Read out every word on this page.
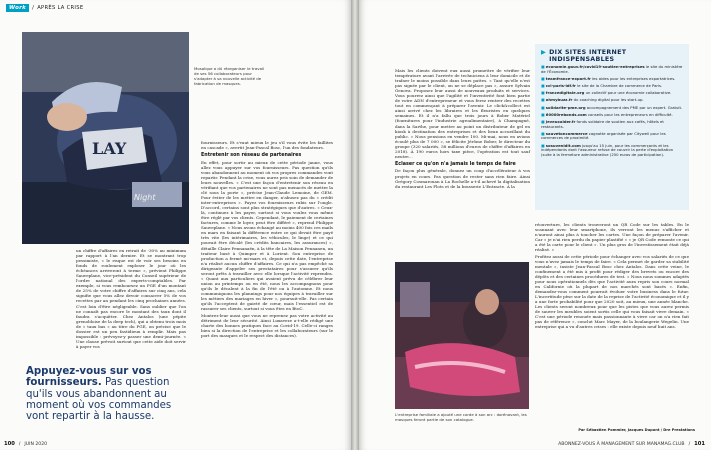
Work	/ APRÈS LA CRISE
LAY
Night
Mosaïque a dû réorganiser le travail de ses 56 collaborateurs pour s'adapter à sa nouvelle activité de fabrication de masques.

un chiffre d'affaires en retrait de -30% au minimum par rapport à l'an dernier. Et se montrant trop pessimiste, « le risque est de voir ses besoins en fonds de roulement exploser le jour où les échéances arriveront à terme », prévient Philippe Sauveplane, vice-président du Conseil supérieur de l'ordre national des experts-comptables. Par exemple, si vous remboursez un PGE d'un montant de 25% de votre chiffre d'affaires sur cinq ans, cela signifie que vous allez devoir consacrer 5% de vos recettes par an pendant les cinq prochaines années. C'est loin d'être négligeable. Sans oublier que l'on ne connaît pas encore le montant des taux dont il faudra s'acquitter. Chez Antalos (une pépite grenobloise de la deep tech), qui a obtenu trois mois de « taux bas » au titre du PGE, on précise que le dossier est un peu fastidieux à remplir. Mais pas impossible : prévoyez-y passer une demi-journée. « Une clause prévoit surtout que cette aide doit servir à payer vos

Appuyez-vous sur vos fournisseurs. Pas question qu'ils vous abandonnent au moment où vos commandes vont repartir à la hausse.

fournisseurs. Et s'vaut mieux le jeu s'il vous évite les faillites en cascade », avertit Jean-Pascal Bosc, l'un des fondateurs.

Entretenir son réseau de partenaires

En effet, pour sortir au mieux de cette période jaune, vous allez vous appuyer sur vos fournisseurs. Pas question qu'ils vous abandonnent au moment où vos propres commandes vont repartir. Pendant la crise, vous aurez pris soin de demander de leurs nouvelles. « C'est une façon d'entretenir son réseau en vérifiant que vos partenaires ne sont pas menacés de mettre la clé sous la porte », précise Jean-Claude Lemoine, de GEM. Pour éviter de les mettre en danger, n'abusez pas du « crédit inter-entreprises ». Payez vos fournisseurs rubis sur l'ongle. D'accord, certains sont plus stratégiques que d'autres. « Ceux-là, continuez à les payer, surtout si vous voulez vous même être réglé par vos clients. Cependant, le paiement de certaines factures, comme le loyer, peut être différé », reprend Philippe Sauveplane. « Nous avons échangé au moins 400 fois ces mails en mars en faisant la différence entre ce qui devait être payé très vite (les intérimaires, les véhicules, le linge) et ce qui pouvait être décalé (les crédits bancaires, les assurances) », détaille Claire Pennanaën, à la tête de La Maison Pennanen, un traiteur basé à Quimper et à Lorient. Son entreprise de production a fermé mi-mars et, depuis cette date, l'entreprise n'a réalisé aucun chiffre d'affaires. Ce qui n'a pas empêché sa dirigeante d'appeler ses prestataires pour s'assurer qu'ils seront prêts à travailler avec elle lorsque l'activité reprendra. « Quant aux particuliers qui avaient prévu de célébrer leur union au printemps ou en été, nous les accompagnons pour qu'ils le décalent à la fin de l'été ou à l'automne. Et nous communiquons les plannings pour nos équipes à travailler sur les métiers des mariages en hiver », poursuit-elle. Pas certain qu'ils l'acceptent de gaieté de cœur, mais l'essentiel est de rassurer ses clients, surtout si vous êtes en BtoC.

Montrez-leur aussi que vous ne reprenez pas votre activité au détriment de leur sécurité. Ainsi Luxaveze a-t-elle rédigé une charte des bonnes pratiques face au Covid-19. Celle-ci ranges bien si la direction de l'entreprise et les collaborateurs (sur le port des masques et le respect des distances).

100 / JUIN 2020

Mais les clients doivent eux aussi promettre de vérifier leur température avant l'arrivée de techniciens à leur domicile et de traîner le moins possible dans leurs pattes. « Tant qu'elle n'est pas signée par le client, on ne se déplace pas », assure Sylvain Genova. Proposez leur aussi de nouveaux produits et services. Vous pourrez ainsi que l'agilité et l'inventivité font bien partie de votre ADN d'entrepreneur et vous ferez rentrer des recettes tout en commençant à préparer l'avenir. Le click&collect est ainsi arrivé chez les libraires et les fleuristes en quelques semaines. Et il n'a fallu que trois jours à Bober Matériel (fournitures pour l'industrie agroalimentaire), à Champagné, dans la Sarthe, pour mettre au point un distributeur de gel en kiosk à destination des entreprises et des lieux accueillant du public. « Nous pensions en vendre 100. Mi-mai, nous en avions écoulé plus de 7 000 », se félicite Jérôme Bober, le directeur du groupe (320 salariés, 58 millions d'euros de chiffre d'affaires en 2018). À 190 euros hors taxe pièce, l'opération est tout sauf neutre…

Eclaser ce qu'on n'a jamais le temps de faire

De façon plus générale, donnez un coup d'accélérateur à vos projets en cours. Pas question de rester sans rien faire. Ainsi Grégory Cosmarouan à La Rochelle a-t-il achevé la digitalisation du restaurant Les Flots et de la brasserie L'Entracte. À la

▶ DIX SITES INTERNET INDISPENSABLES
■ economie.gouv.fr/covid19-soutien-entreprises le site du ministère de l'Économie.
■ teamfrance-export.fr les aides pour les entreprises exportatrices.
■ cci-paris-idf.fr le site de la Chambre de commerce de Paris.
■ francedigitale.org un collectif pour une économie collaborative.
■ ohmybuzz.fr du coaching digital pour les start-up.
■ solidarite-pme.org accompagnement des PME par un expert. Gratuit.
■ 60000rebonds.com conseils pour les entrepreneurs en difficulté.
■ jeveuxaider.fr fonds solidaire de soutien aux cafés, hôtels et restaurants.
■ sauvetoncommerce cagnotte organisée par Citywell pour les commerces de proximité.
■ sosuvenidit.com jusqu'au 15 juin, pour les commerçants et les indépendants dont l'assureur refuse de couvrir la perte d'exploitation (suite à la fermeture administrative (250 euros de participation).
L'entreprise familiale a ajouté une corde à son arc : dorénavant, les masques feront partie de son catalogue.

réouverture, les clients trouveront un QR Code sur les tables. En le scannant avec leur smartphone, ils verront les menus s'afficher et n'auront ainsi plus à toucher les cartes. Une façon de préparer l'avenir. Car « je n'ai rien perdu du papier plastifié » « je QR Code remonte ce qui a été la carte pour le client ». Un plus gros de l'investissement était déjà réalisé. »

Profitez aussi de cette période pour échanger avec vos salariés de ce que vous n'avez jamais le temps de faire. « Cela permet de garder sa stabilité mentale », insiste Jean-Pascal Bosc chez Antalos. Dans cette veine, le confinement a été mis à profit pour rédiger des brevets ou encore des dépôts et des certaines procédures de test. « Nous nous sommes adaptés pour nous opérationnels dès que l'activité aura repris son cours normal en Californie où la plupart de nos marchés sont basés ». Enfin, demandez-vous comment pourrait évoluer votre business dans le futur. L'incertitude pèse sur la date de la reprise de l'activité économique et il y a une forte probabilité pour que 2020 soit, au mieux, une année blanche. Les clients seront nombreux pour que les pistes que vous aurez permis de sauver les meubles soient sortis celle qui vous faisait vivre demain. « C'est une période renouée mais passionnante à vivre car on n'a rien fait pas de référence », conclut Marc Mayer, de la boulangerie Wegelin. Une entreprise qui a vu d'autres crises : elle existe depuis neuf huit ans.

Par Sébastien Pommier, Jacques Dupont / Dre Prestations
ABONNEZ-VOUS À MANAGEMENT SUR MANAMAG.CLUB / 101
